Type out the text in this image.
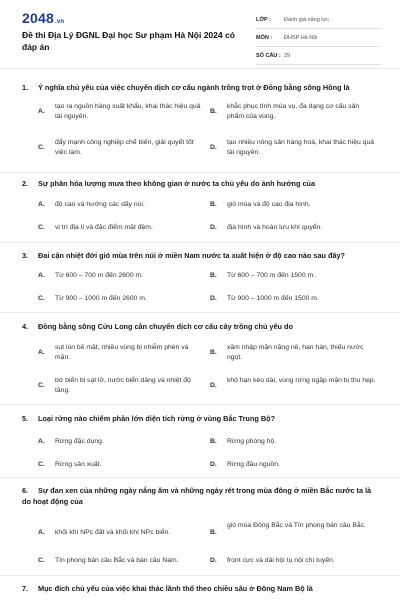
2048.vn
Đề thi Địa Lý ĐGNL Đại học Sư phạm Hà Nội 2024 có đáp án
LỚP : Đánh giá năng lực
MÔN : ĐHSP Hà Nội
SỐ CÂU : 29
1. Ý nghĩa chủ yếu của việc chuyển dịch cơ cấu ngành trồng trọt ở Đồng bằng sông Hồng là
A.
tạo ra nguồn hàng xuất khẩu, khai thác hiệu quả tài nguyên.
B.
khắc phục tính mùa vụ, đa dạng cơ cấu sản phẩm của vùng.
C.
đẩy mạnh công nghiệp chế biến, giải quyết tốt việc làm.
D.
tạo nhiều nông sản hàng hoá, khai thác hiệu quả tài nguyên.
2. Sự phân hóa lượng mưa theo không gian ở nước ta chủ yếu do ảnh hưởng của
A. độ cao và hướng các dãy núi.	B. gió mùa và độ cao địa hình.
C. vị trí địa lí và đặc điểm mặt đệm.	D. địa hình và hoàn lưu khí quyển.
3. Đai cận nhiệt đới gió mùa trên núi ở miền Nam nước ta xuất hiện ở độ cao nào sau đây?
A. Từ 600 – 700 m đến 2600 m.	B. Từ 600 – 700 m đến 1500 m.
C. Từ 900 – 1000 m đến 2600 m.	D. Từ 900 – 1000 m đến 1500 m.
4. Đồng bằng sông Cửu Long cần chuyển dịch cơ cấu cây trồng chủ yếu do
A.
sụt lún bề mặt, nhiều vùng bị nhiễm phèn và mặn.
B.
xâm nhập mặn nặng nề, hạn hán, thiếu nước ngọt.
C.
bờ biển bị sạt lở, nước biển dâng và nhiệt độ tăng.
D.
khô hạn kéo dài, vùng rừng ngập mặn bị thu hẹp.
5. Loại rừng nào chiếm phần lớn diện tích rừng ở vùng Bắc Trung Bộ?
A. Rừng đặc dụng.	B. Rừng phòng hộ.
C. Rừng sản xuất.	D. Rừng đầu nguồn.
6. Sự đan xen của những ngày nắng ấm và những ngày rét trong mùa đông ở miền Bắc nước ta là do hoạt động của
A. khối khí NPc đất và khối khí NPc biển.	B.
gió mùa Đông Bắc và Tín phong bán cầu Bắc.
C. Tín phong bán cầu Bắc và bán cầu Nam.	D. front cực và dải hội tụ nội chí tuyến.
7. Mục đích chủ yếu của việc khai thác lãnh thổ theo chiều sâu ở Đông Nam Bộ là
